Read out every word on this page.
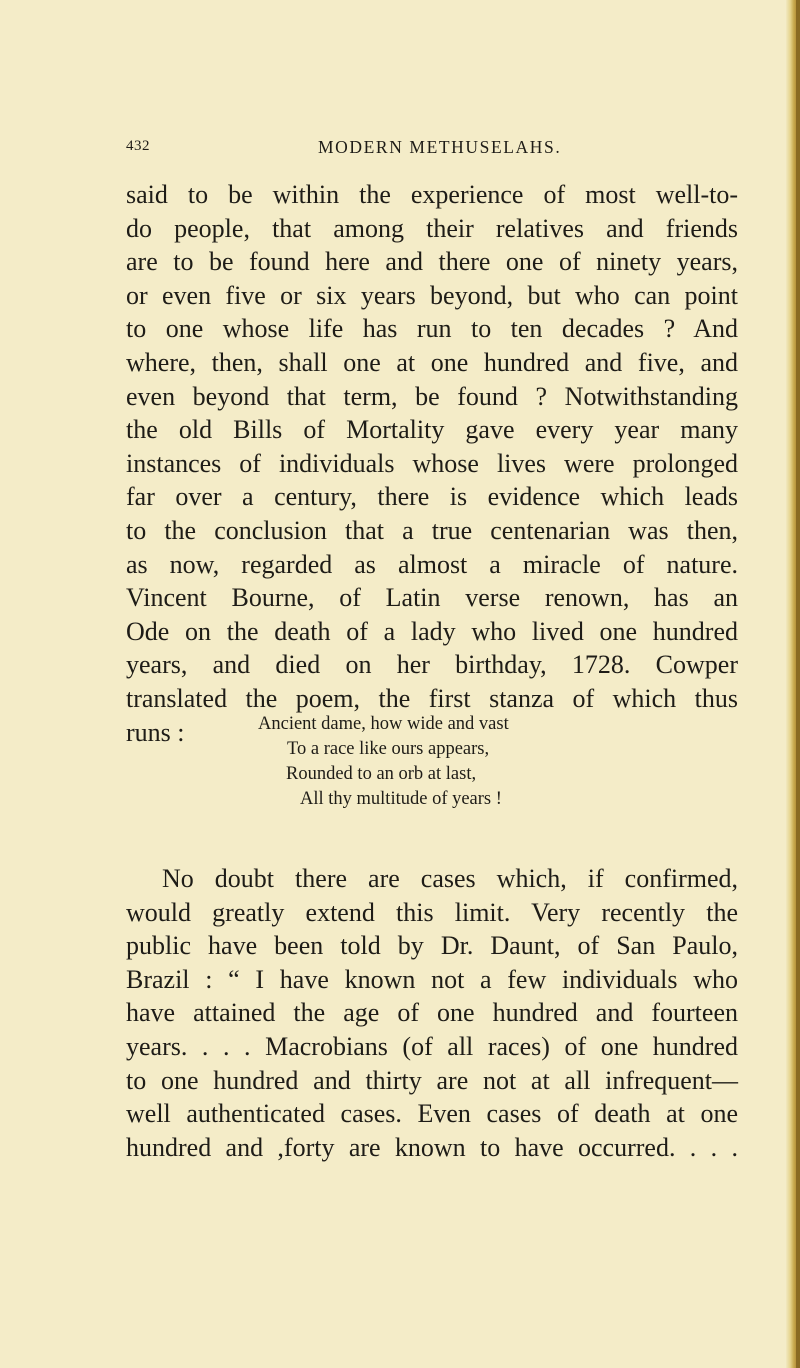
432	MODERN METHUSELAHS.
said to be within the experience of most well-to-
do people, that among their relatives and friends
are to be found here and there one of ninety years,
or even five or six years beyond, but who can point
to one whose life has run to ten decades ? And
where, then, shall one at one hundred and five, and
even beyond that term, be found ? Notwithstanding
the old Bills of Mortality gave every year many
instances of individuals whose lives were prolonged
far over a century, there is evidence which leads
to the conclusion that a true centenarian was then,
as now, regarded as almost a miracle of nature.
Vincent Bourne, of Latin verse renown, has an
Ode on the death of a lady who lived one hundred
years, and died on her birthday, 1728. Cowper
translated the poem, the first stanza of which thus
runs :	Ancient dame, how wide and vast
To a race like ours appears,
Rounded to an orb at last,
All thy multitude of years !
No doubt there are cases which, if confirmed,
would greatly extend this limit. Very recently the
public have been told by Dr. Daunt, of San Paulo,
Brazil : “ I have known not a few individuals who
have attained the age of one hundred and fourteen
years. . . . Macrobians (of all races) of one hundred
to one hundred and thirty are not at all infrequent—
well authenticated cases. Even cases of death at one
hundred and ,forty are known to have occurred. . . .
